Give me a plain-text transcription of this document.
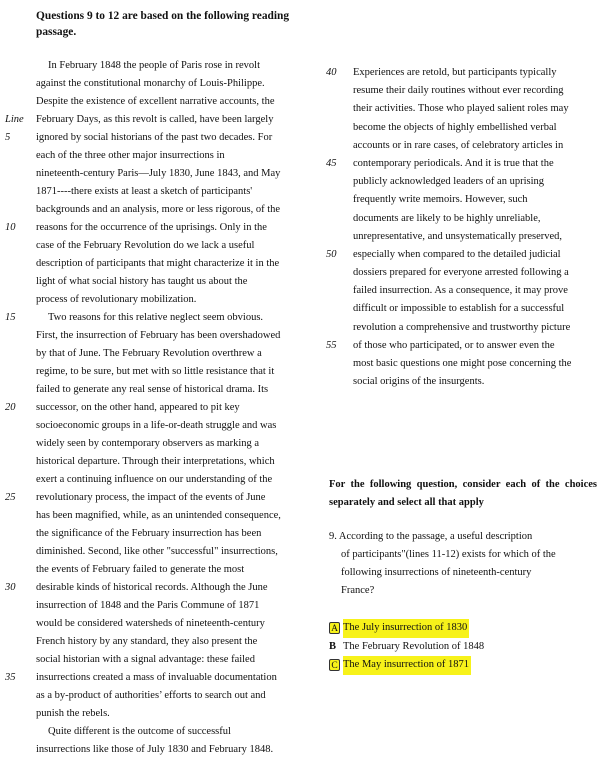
Questions 9 to 12 are based on the following reading
passage.
In February 1848 the people of Paris rose in revolt
against the constitutional monarchy of Louis-Philippe.
Despite the existence of excellent narrative accounts, the
February Days, as this revolt is called, have been largely
Line
ignored by social historians of the past two decades. For
5
each of the three other major insurrections in
nineteenth-century Paris—July 1830, June 1843, and May
1871----there exists at least a sketch of participants'
backgrounds and an analysis, more or less rigorous, of the
reasons for the occurrence of the uprisings. Only in the
10
case of the February Revolution do we lack a useful
description of participants that might characterize it in the
light of what social history has taught us about the
process of revolutionary mobilization.
Two reasons for this relative neglect seem obvious.
15
First, the insurrection of February has been overshadowed
by that of June. The February Revolution overthrew a
regime, to be sure, but met with so little resistance that it
failed to generate any real sense of historical drama. Its
successor, on the other hand, appeared to pit key
20
socioeconomic groups in a life-or-death struggle and was
widely seen by contemporary observers as marking a
historical departure. Through their interpretations, which
exert a continuing influence on our understanding of the
revolutionary process, the impact of the events of June
25
has been magnified, while, as an unintended consequence,
the significance of the February insurrection has been
diminished. Second, like other "successful" insurrections,
the events of February failed to generate the most
desirable kinds of historical records. Although the June
30
insurrection of 1848 and the Paris Commune of 1871
would be considered watersheds of nineteenth-century
French history by any standard, they also present the
social historian with a signal advantage: these failed
insurrections created a mass of invaluable documentation
35
as a by-product of authorities’ efforts to search out and
punish the rebels.
Quite different is the outcome of successful
insurrections like those of July 1830 and February 1848.
Experiences are retold, but participants typically
40
resume their daily routines without ever recording
their activities. Those who played salient roles may
become the objects of highly embellished verbal
accounts or in rare cases, of celebratory articles in
contemporary periodicals. And it is true that the
45
publicly acknowledged leaders of an uprising
frequently write memoirs. However, such
documents are likely to be highly unreliable,
unrepresentative, and unsystematically preserved,
especially when compared to the detailed judicial
50
dossiers prepared for everyone arrested following a
failed insurrection. As a consequence, it may prove
difficult or impossible to establish for a successful
revolution a comprehensive and trustworthy picture
of those who participated, or to answer even the
55
most basic questions one might pose concerning the
social origins of the insurgents.
For the following question, consider each of the choices separately and select all that apply
9. According to the passage, a useful description
of participants"(lines 11-12) exists for which of the
following insurrections of nineteenth-century
France?
A The July insurrection of 1830
B The February Revolution of 1848
C The May insurrection of 1871
